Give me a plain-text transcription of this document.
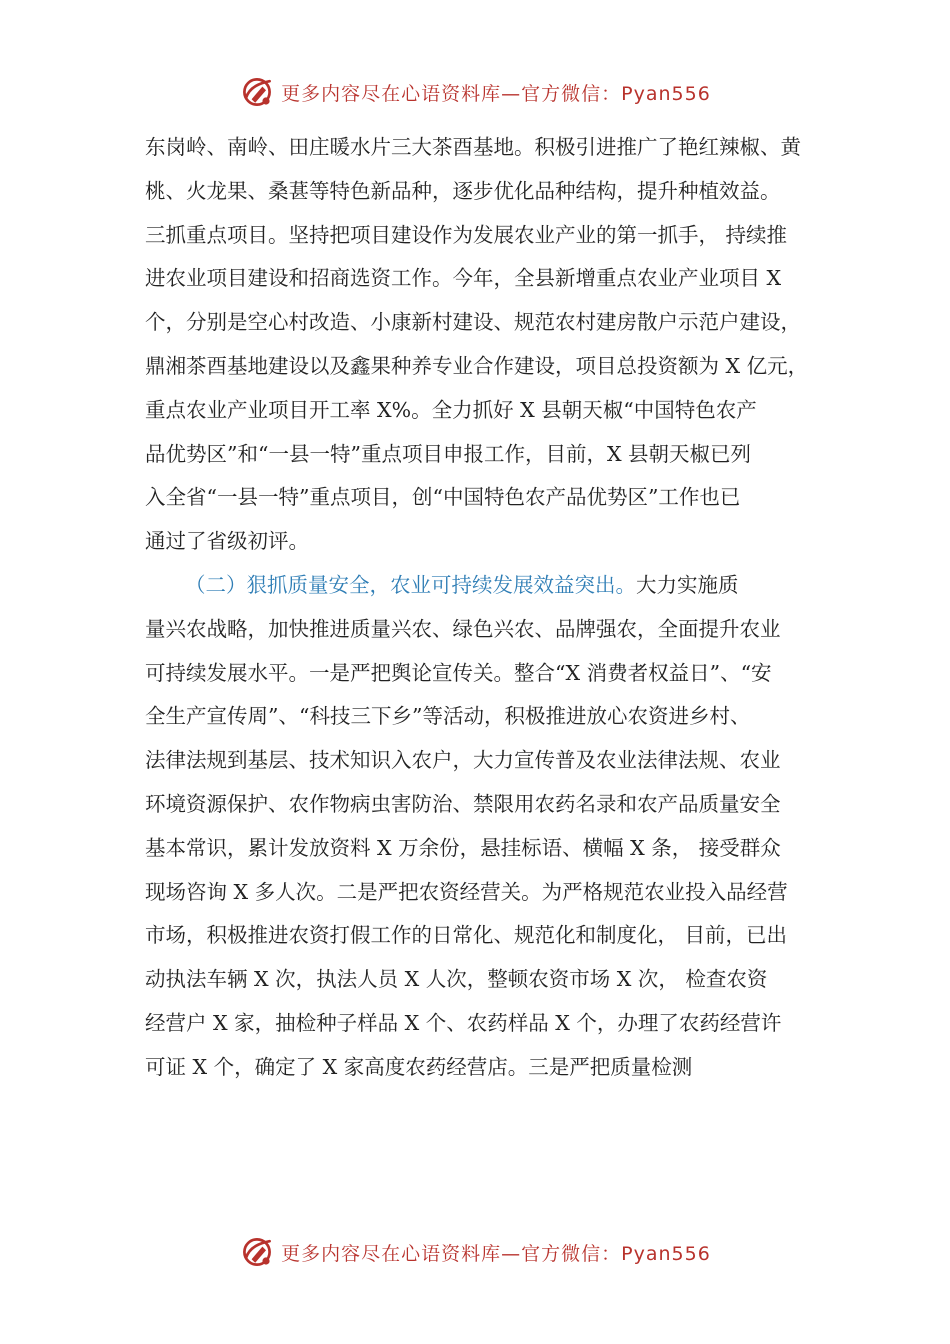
更多内容尽在心语资料库—官方微信：Pyan556
东岗岭、南岭、田庄暖水片三大茶⾣基地。积极引进推广了艳红辣椒、黄
桃、火龙果、桑葚等特色新品种，逐步优化品种结构，提升种植效益。
三抓重点项目。坚持把项目建设作为发展农业产业的第一抓手， 持续推
进农业项目建设和招商选资工作。今年，全县新增重点农业产业项目 X
个，分别是空心村改造、小康新村建设、规范农村建房散户示范户建设，
鼎湘茶⾣基地建设以及鑫果种养专业合作建设，项目总投资额为 X 亿元，
重点农业产业项目开工率 X%。全力抓好 X 县朝天椒“中国特色农产
品优势区”和“一县一特”重点项目申报工作，目前，X 县朝天椒已列
入全省“一县一特”重点项目，创“中国特色农产品优势区”工作也已
通过了省级初评。
（二）狠抓质量安全，农业可持续发展效益突出。大力实施质
量兴农战略，加快推进质量兴农、绿色兴农、品牌强农，全面提升农业
可持续发展水平。一是严把舆论宣传关。整合“X 消费者权益日”、“安
全生产宣传周”、“科技三下乡”等活动，积极推进放心农资进乡村、
法律法规到基层、技术知识入农户，大力宣传普及农业法律法规、农业
环境资源保护、农作物病虫害防治、禁限用农药名录和农产品质量安全
基本常识，累计发放资料 X 万余份，悬挂标语、横幅 X 条， 接受群众
现场咨询 X 多人次。二是严把农资经营关。为严格规范农业投入品经营
市场，积极推进农资打假工作的日常化、规范化和制度化， 目前，已出
动执法车辆 X 次，执法人员 X 人次，整顿农资市场 X 次， 检查农资
经营户 X 家，抽检种子样品 X 个、农药样品 X 个，办理了农药经营许
可证 X 个，确定了 X 家高度农药经营店。三是严把质量检测
更多内容尽在心语资料库—官方微信：Pyan556
